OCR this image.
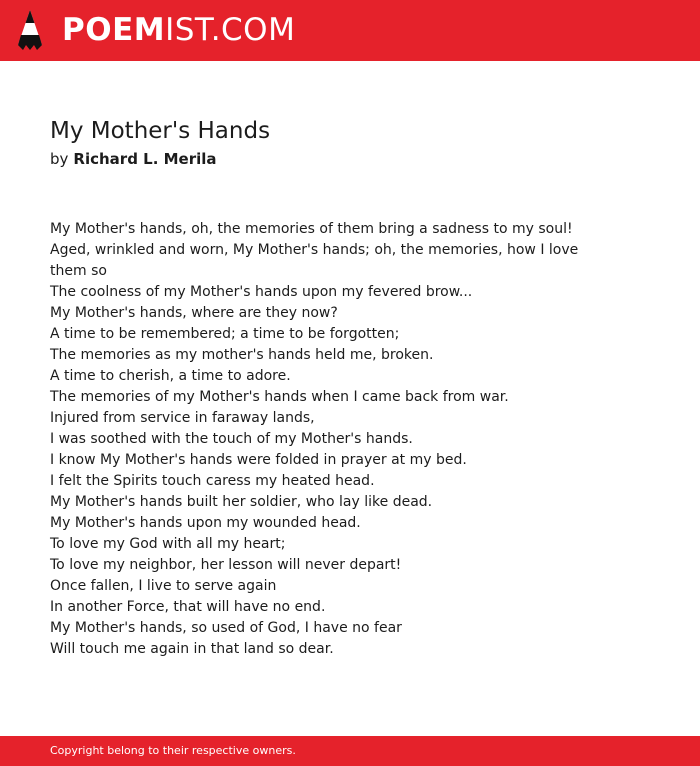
POEMIST.COM
My Mother's Hands
by Richard L. Merila
My Mother's hands, oh, the memories of them bring a sadness to my soul!
Aged, wrinkled and worn, My Mother's hands; oh, the memories, how I love them so
The coolness of my Mother's hands upon my fevered brow...
My Mother's hands, where are they now?
A time to be remembered; a time to be forgotten;
The memories as my mother's hands held me, broken.
A time to cherish, a time to adore.
The memories of my Mother's hands when I came back from war.
Injured from service in faraway lands,
I was soothed with the touch of my Mother's hands.
I know My Mother's hands were folded in prayer at my bed.
I felt the Spirits touch caress my heated head.
My Mother's hands built her soldier, who lay like dead.
My Mother's hands upon my wounded head.
To love my God with all my heart;
To love my neighbor, her lesson will never depart!
Once fallen, I live to serve again
In another Force, that will have no end.
My Mother's hands, so used of God, I have no fear
Will touch me again in that land so dear.
Copyright belong to their respective owners.
